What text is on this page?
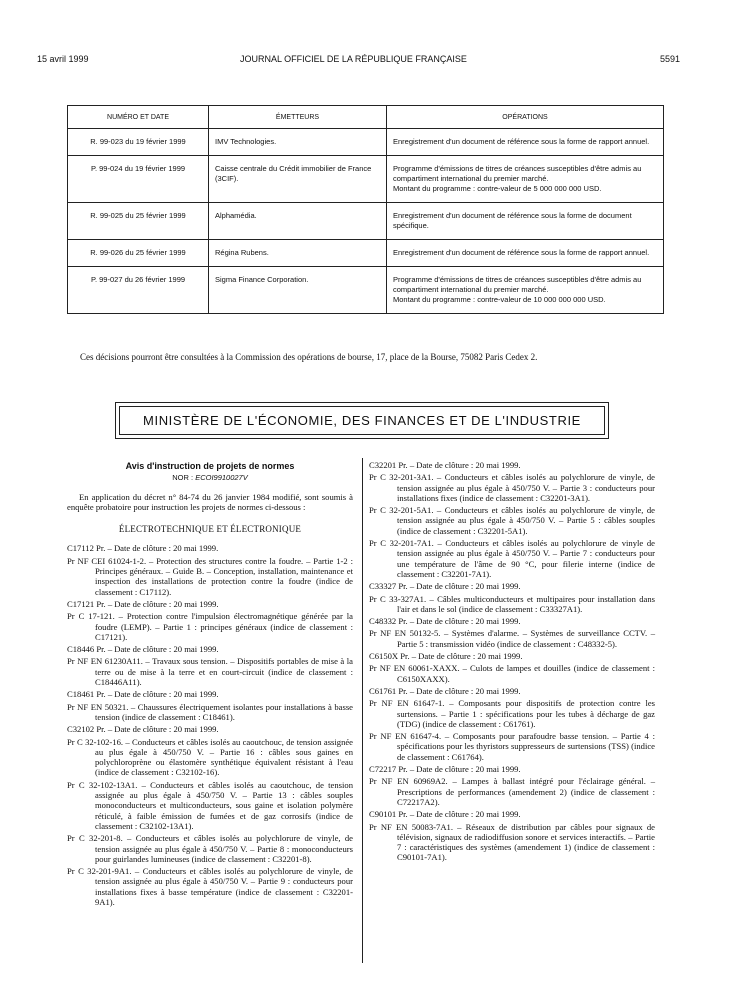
15 avril 1999	JOURNAL OFFICIEL DE LA RÉPUBLIQUE FRANÇAISE	5591
NUMÉRO ET DATE	ÉMETTEURS	OPÉRATIONS
R. 99-023 du 19 février 1999	IMV Technologies.	Enregistrement d'un document de référence sous la forme de rapport annuel.

P. 99-024 du 19 février 1999	Caisse centrale du Crédit immobilier de France (3CIF).	Programme d'émissions de titres de créances susceptibles d'être admis au compartiment international du premier marché.
Montant du programme : contre-valeur de 5 000 000 000 USD.

R. 99-025 du 25 février 1999	Alphamédia.	Enregistrement d'un document de référence sous la forme de document spécifique.

R. 99-026 du 25 février 1999	Régina Rubens.	Enregistrement d'un document de référence sous la forme de rapport annuel.

P. 99-027 du 26 février 1999	Sigma Finance Corporation.	Programme d'émissions de titres de créances susceptibles d'être admis au compartiment international du premier marché.
Montant du programme : contre-valeur de 10 000 000 000 USD.
Ces décisions pourront être consultées à la Commission des opérations de bourse, 17, place de la Bourse, 75082 Paris Cedex 2.
MINISTÈRE DE L'ÉCONOMIE, DES FINANCES ET DE L'INDUSTRIE
Avis d'instruction de projets de normes
NOR : ECOI9910027V
En application du décret n° 84-74 du 26 janvier 1984 modifié, sont soumis à enquête probatoire pour instruction les projets de normes ci-dessous :
ÉLECTROTECHNIQUE ET ÉLECTRONIQUE

C17112 Pr. – Date de clôture : 20 mai 1999.

Pr NF CEI 61024-1-2. – Protection des structures contre la foudre. – Partie 1-2 : Principes généraux. – Guide B. – Conception, installation, maintenance et inspection des installations de protection contre la foudre (indice de classement : C17112).

C17121 Pr. – Date de clôture : 20 mai 1999.

Pr C 17-121. – Protection contre l'impulsion électromagnétique générée par la foudre (LEMP). – Partie 1 : principes généraux (indice de classement : C17121).

C18446 Pr. – Date de clôture : 20 mai 1999.

Pr NF EN 61230A11. – Travaux sous tension. – Dispositifs portables de mise à la terre ou de mise à la terre et en court-circuit (indice de classement : C18446A11).

C18461 Pr. – Date de clôture : 20 mai 1999.

Pr NF EN 50321. – Chaussures électriquement isolantes pour installations à basse tension (indice de classement : C18461).

C32102 Pr. – Date de clôture : 20 mai 1999.

Pr C 32-102-16. – Conducteurs et câbles isolés au caoutchouc, de tension assignée au plus égale à 450/750 V. – Partie 16 : câbles sous gaines en polychloroprène ou élastomère synthétique équivalent résistant à l'eau (indice de classement : C32102-16).

Pr C 32-102-13A1. – Conducteurs et câbles isolés au caoutchouc, de tension assignée au plus égale à 450/750 V. – Partie 13 : câbles souples monoconducteurs et multiconducteurs, sous gaine et isolation polymère réticulé, à faible émission de fumées et de gaz corrosifs (indice de classement : C32102-13A1).

Pr C 32-201-8. – Conducteurs et câbles isolés au polychlorure de vinyle, de tension assignée au plus égale à 450/750 V. – Partie 8 : monoconducteurs pour guirlandes lumineuses (indice de classement : C32201-8).

Pr C 32-201-9A1. – Conducteurs et câbles isolés au polychlorure de vinyle, de tension assignée au plus égale à 450/750 V. – Partie 9 : conducteurs pour installations fixes à basse température (indice de classement : C32201-9A1).

C32201 Pr. – Date de clôture : 20 mai 1999.

Pr C 32-201-3A1. – Conducteurs et câbles isolés au polychlorure de vinyle, de tension assignée au plus égale à 450/750 V. – Partie 3 : conducteurs pour installations fixes (indice de classement : C32201-3A1).

Pr C 32-201-5A1. – Conducteurs et câbles isolés au polychlorure de vinyle, de tension assignée au plus égale à 450/750 V. – Partie 5 : câbles souples (indice de classement : C32201-5A1).

Pr C 32-201-7A1. – Conducteurs et câbles isolés au polychlorure de vinyle de tension assignée au plus égale à 450/750 V. – Partie 7 : conducteurs pour une température de l'âme de 90 °C, pour filerie interne (indice de classement : C32201-7A1).

C33327 Pr. – Date de clôture : 20 mai 1999.

Pr C 33-327A1. – Câbles multiconducteurs et multipaires pour installation dans l'air et dans le sol (indice de classement : C33327A1).

C48332 Pr. – Date de clôture : 20 mai 1999.

Pr NF EN 50132-5. – Systèmes d'alarme. – Systèmes de surveillance CCTV. – Partie 5 : transmission vidéo (indice de classement : C48332-5).

C6150X Pr. – Date de clôture : 20 mai 1999.

Pr NF EN 60061-XAXX. – Culots de lampes et douilles (indice de classement : C6150XAXX).

C61761 Pr. – Date de clôture : 20 mai 1999.

Pr NF EN 61647-1. – Composants pour dispositifs de protection contre les surtensions. – Partie 1 : spécifications pour les tubes à décharge de gaz (TDG) (indice de classement : C61761).

Pr NF EN 61647-4. – Composants pour parafoudre basse tension. – Partie 4 : spécifications pour les thyristors suppresseurs de surtensions (TSS) (indice de classement : C61764).

C72217 Pr. – Date de clôture : 20 mai 1999.

Pr NF EN 60969A2. – Lampes à ballast intégré pour l'éclairage général. – Prescriptions de performances (amendement 2) (indice de classement : C72217A2).

C90101 Pr. – Date de clôture : 20 mai 1999.

Pr NF EN 50083-7A1. – Réseaux de distribution par câbles pour signaux de télévision, signaux de radiodiffusion sonore et services interactifs. – Partie 7 : caractéristiques des systèmes (amendement 1) (indice de classement : C90101-7A1).
